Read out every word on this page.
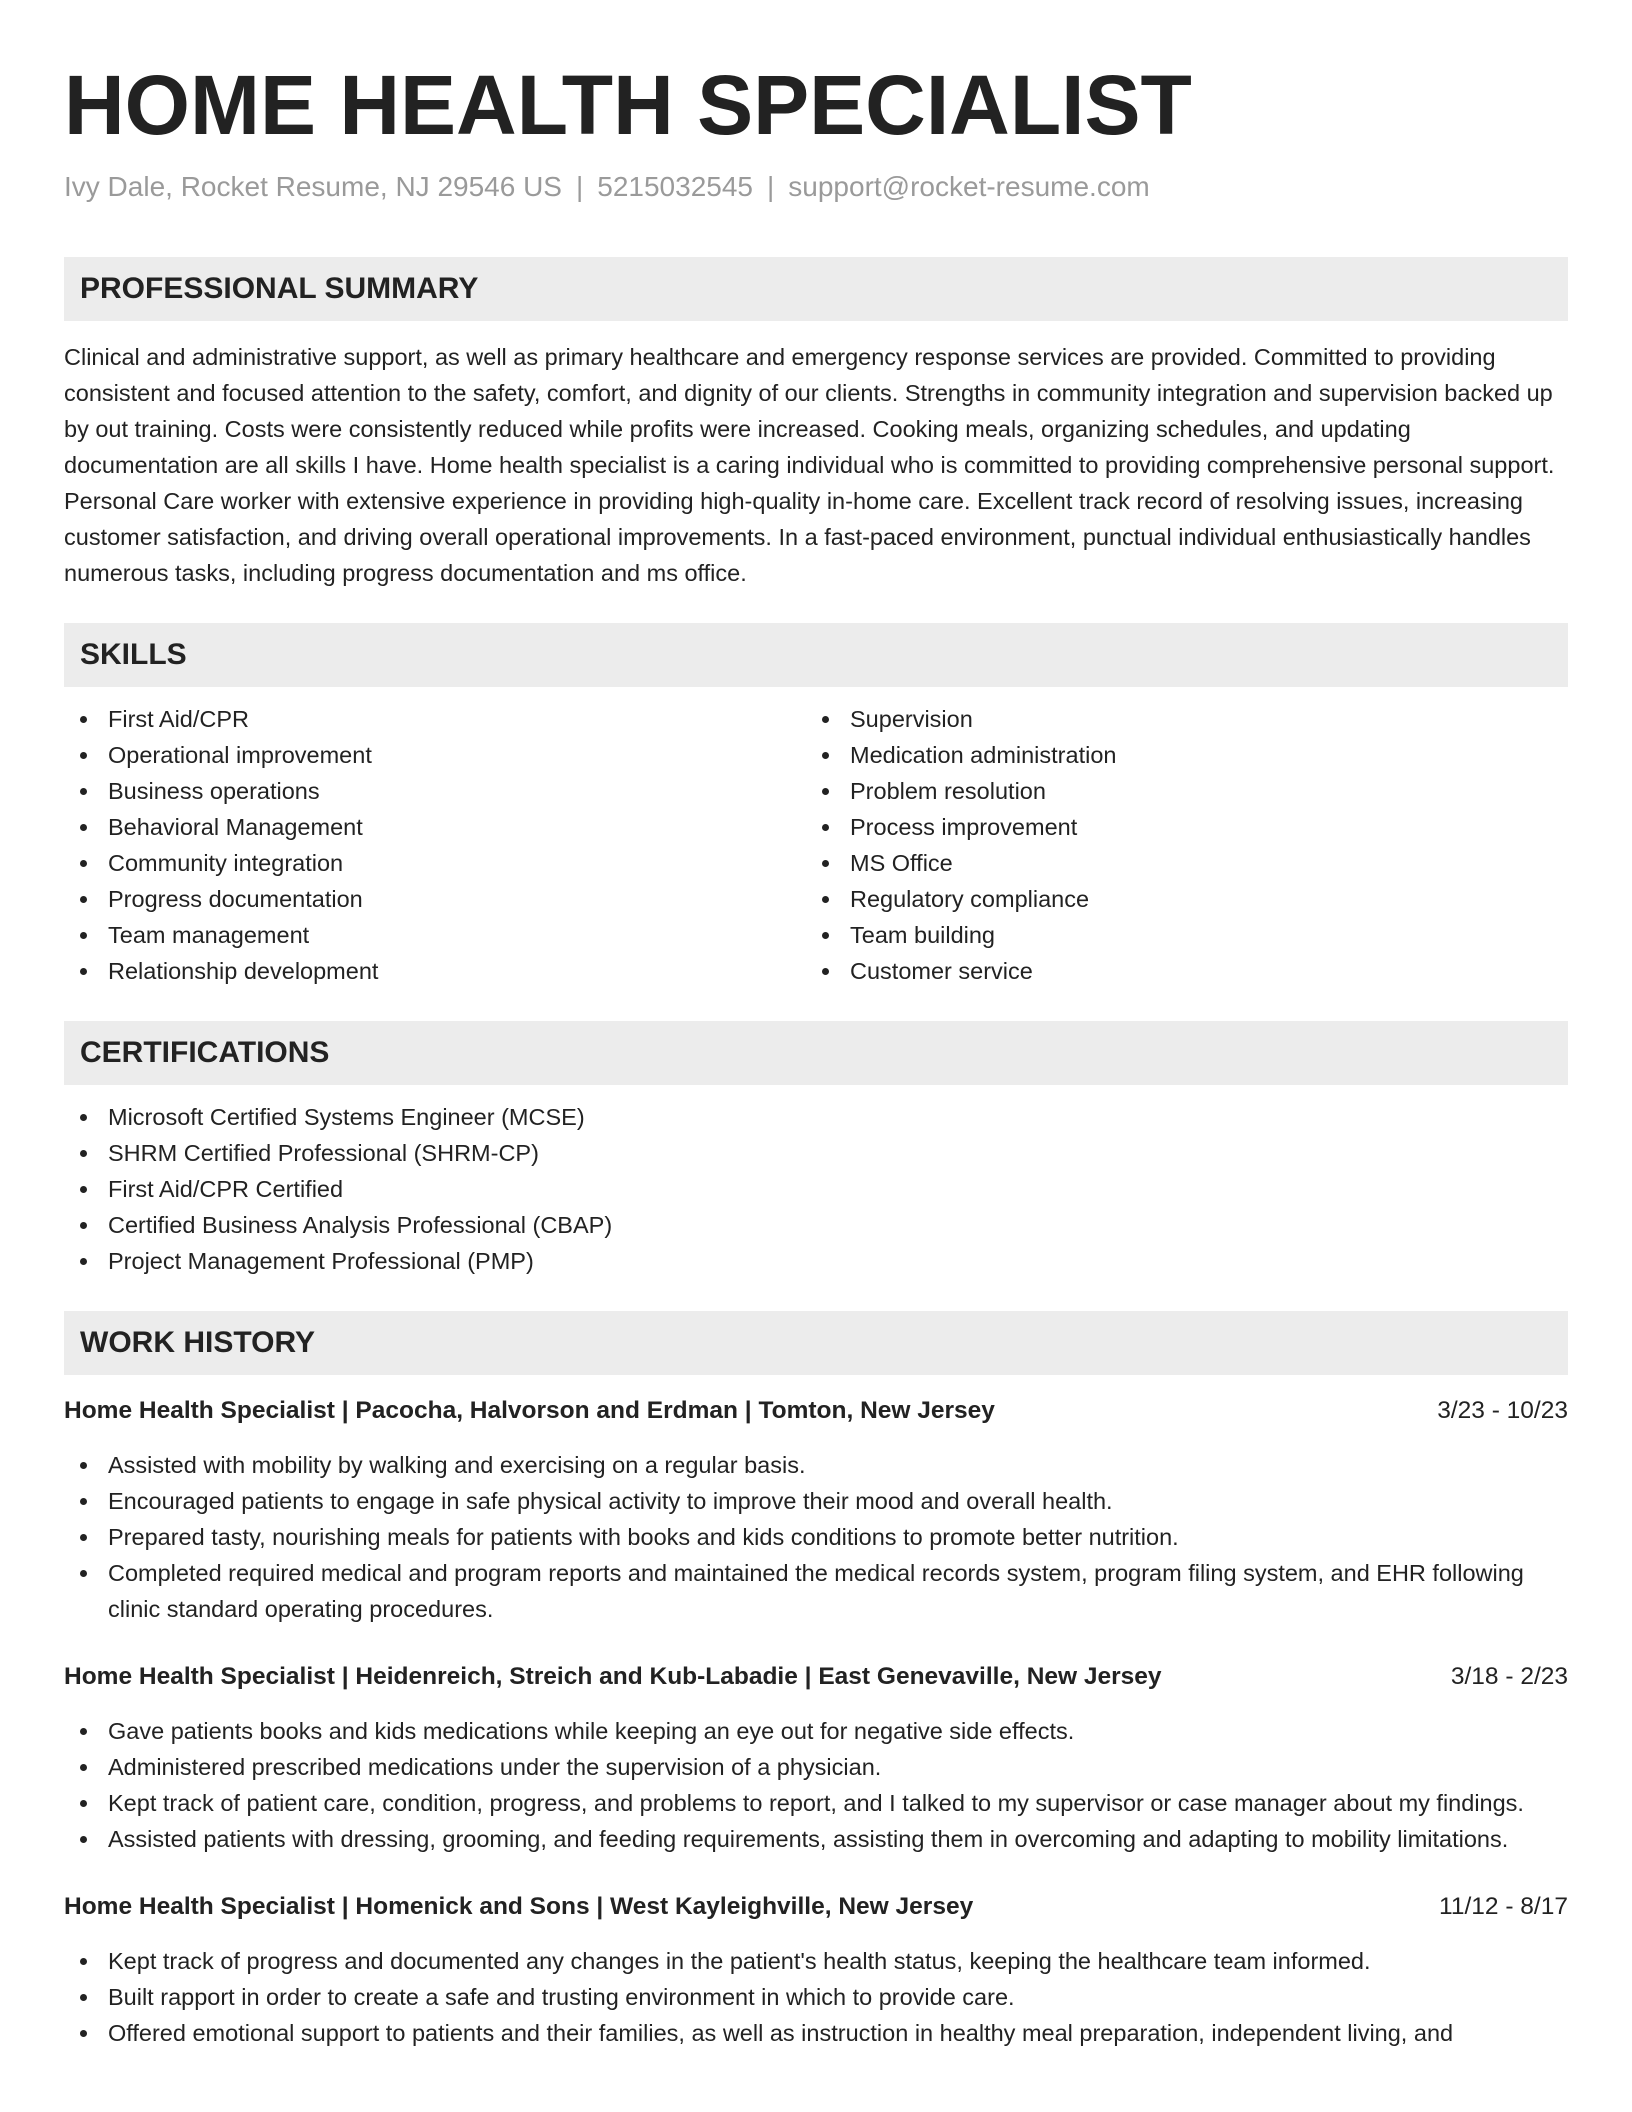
HOME HEALTH SPECIALIST
Ivy Dale, Rocket Resume, NJ 29546 US | 5215032545 | support@rocket-resume.com
PROFESSIONAL SUMMARY
Clinical and administrative support, as well as primary healthcare and emergency response services are provided. Committed to providing consistent and focused attention to the safety, comfort, and dignity of our clients. Strengths in community integration and supervision backed up by out training. Costs were consistently reduced while profits were increased. Cooking meals, organizing schedules, and updating documentation are all skills I have. Home health specialist is a caring individual who is committed to providing comprehensive personal support. Personal Care worker with extensive experience in providing high-quality in-home care. Excellent track record of resolving issues, increasing customer satisfaction, and driving overall operational improvements. In a fast-paced environment, punctual individual enthusiastically handles numerous tasks, including progress documentation and ms office.
SKILLS
First Aid/CPR
Operational improvement
Business operations
Behavioral Management
Community integration
Progress documentation
Team management
Relationship development
Supervision
Medication administration
Problem resolution
Process improvement
MS Office
Regulatory compliance
Team building
Customer service
CERTIFICATIONS
Microsoft Certified Systems Engineer (MCSE)
SHRM Certified Professional (SHRM-CP)
First Aid/CPR Certified
Certified Business Analysis Professional (CBAP)
Project Management Professional (PMP)
WORK HISTORY
Home Health Specialist | Pacocha, Halvorson and Erdman | Tomton, New Jersey	3/23 - 10/23
Assisted with mobility by walking and exercising on a regular basis.
Encouraged patients to engage in safe physical activity to improve their mood and overall health.
Prepared tasty, nourishing meals for patients with books and kids conditions to promote better nutrition.
Completed required medical and program reports and maintained the medical records system, program filing system, and EHR following clinic standard operating procedures.
Home Health Specialist | Heidenreich, Streich and Kub-Labadie | East Genevaville, New Jersey	3/18 - 2/23
Gave patients books and kids medications while keeping an eye out for negative side effects.
Administered prescribed medications under the supervision of a physician.
Kept track of patient care, condition, progress, and problems to report, and I talked to my supervisor or case manager about my findings.
Assisted patients with dressing, grooming, and feeding requirements, assisting them in overcoming and adapting to mobility limitations.
Home Health Specialist | Homenick and Sons | West Kayleighville, New Jersey	11/12 - 8/17
Kept track of progress and documented any changes in the patient's health status, keeping the healthcare team informed.
Built rapport in order to create a safe and trusting environment in which to provide care.
Offered emotional support to patients and their families, as well as instruction in healthy meal preparation, independent living, and
